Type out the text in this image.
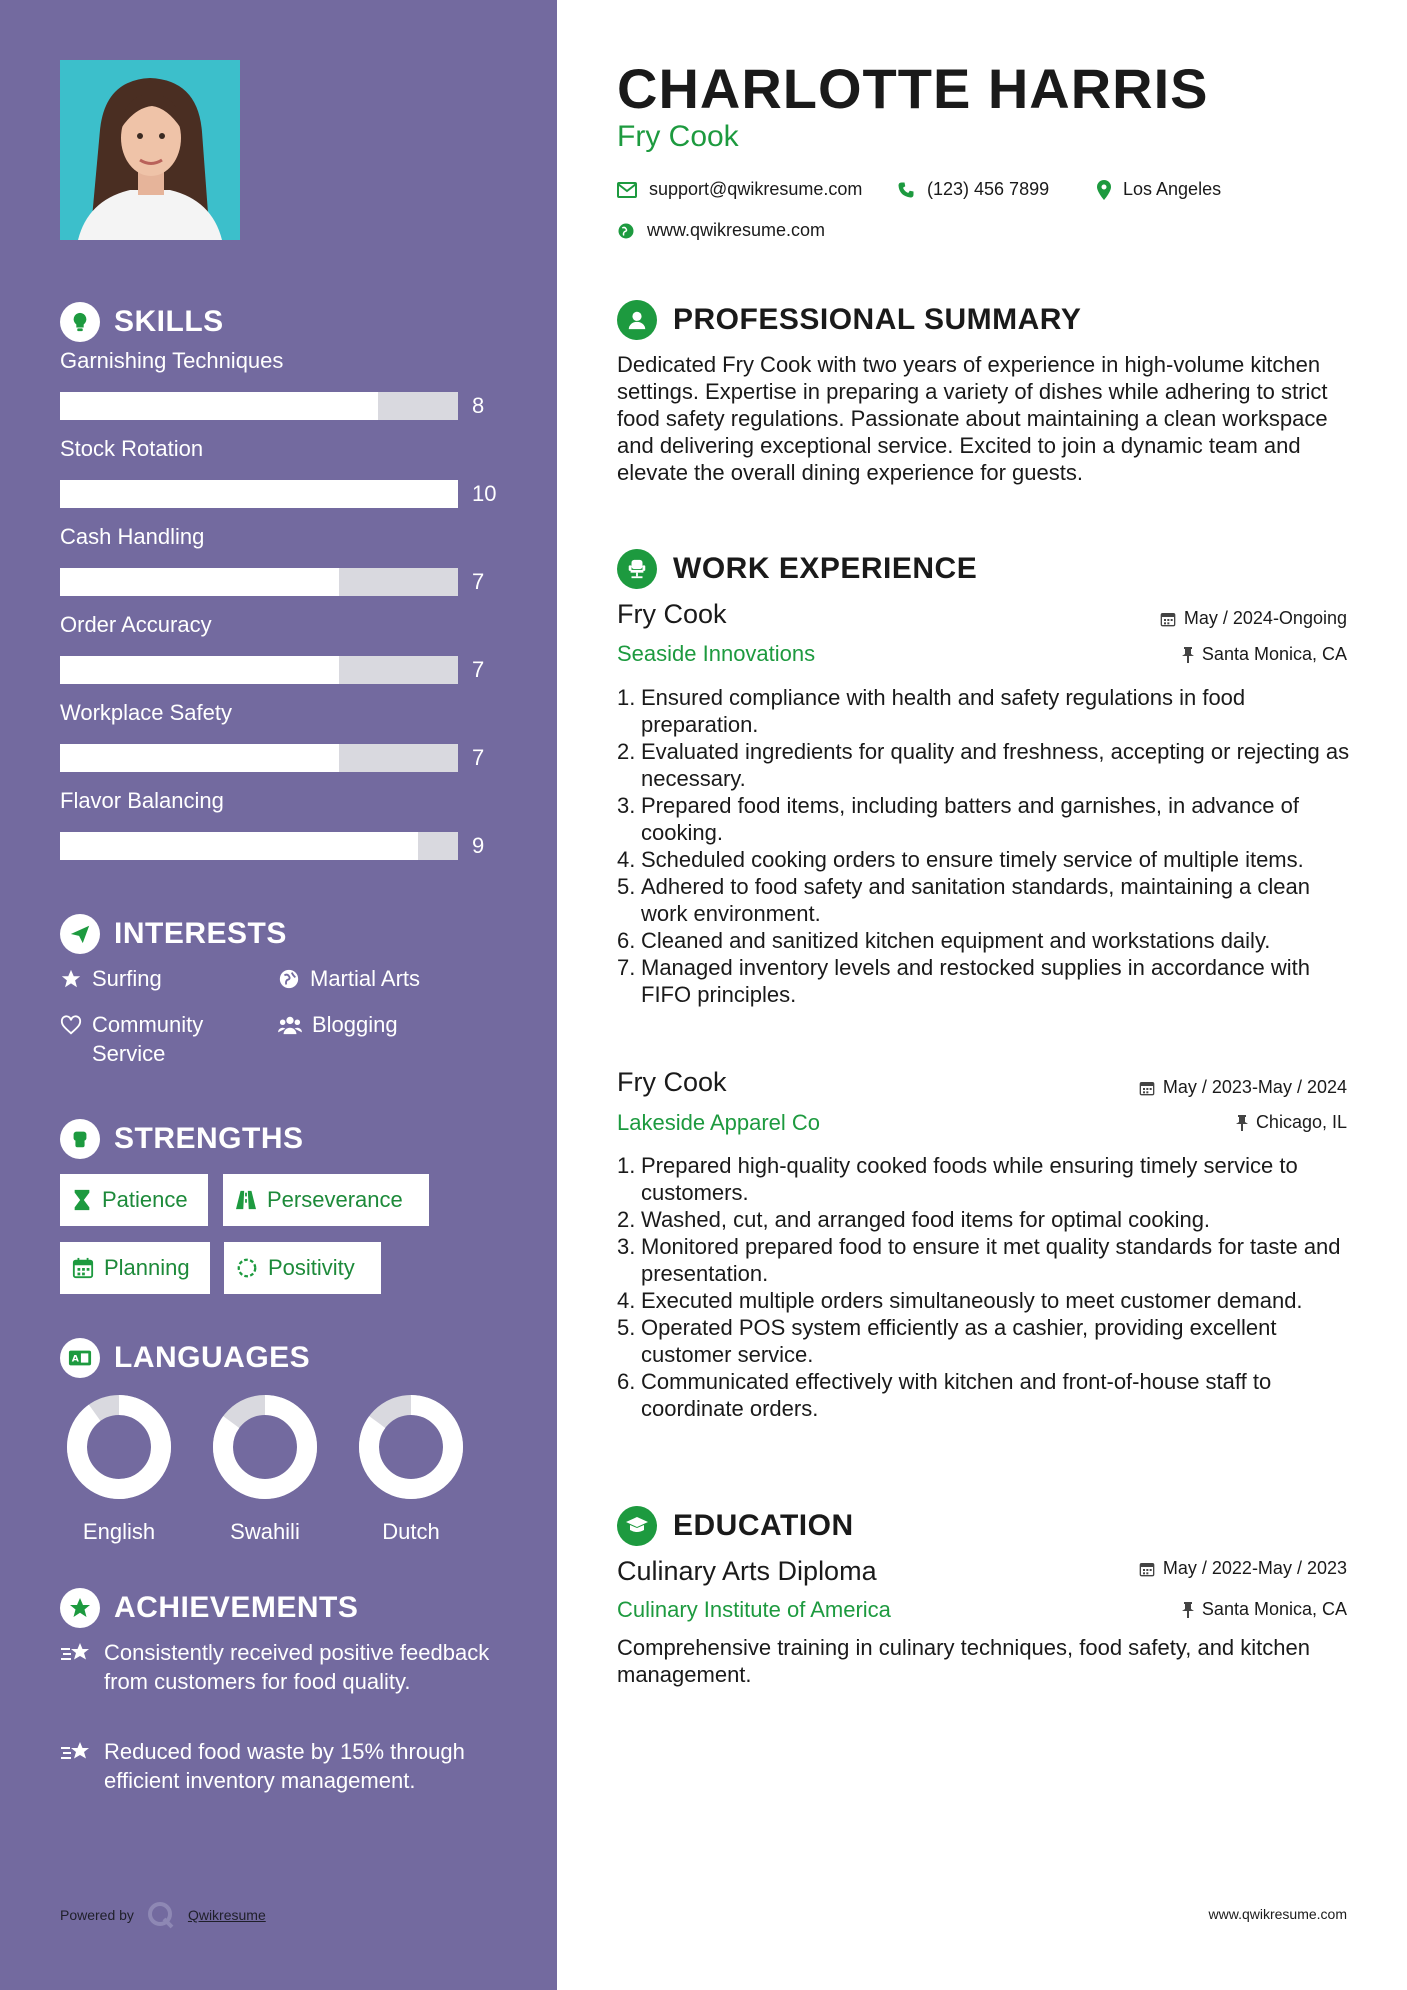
SKILLS
Garnishing Techniques
8
Stock Rotation
10
Cash Handling
7
Order Accuracy
7
Workplace Safety
7
Flavor Balancing
9
INTERESTS
Surfing	Martial Arts
Community Service
Blogging
STRENGTHS
Patience	Perseverance
Planning	Positivity
A LANGUAGES
English	Swahili	Dutch
ACHIEVEMENTS
Consistently received positive feedback from customers for food quality.
Reduced food waste by 15% through efficient inventory management.
Powered by	Qwikresume
CHARLOTTE HARRIS
Fry Cook
support@qwikresume.com	(123) 456 7899	Los Angeles
www.qwikresume.com
PROFESSIONAL SUMMARY
Dedicated Fry Cook with two years of experience in high-volume kitchen settings. Expertise in preparing a variety of dishes while adhering to strict food safety regulations. Passionate about maintaining a clean workspace and delivering exceptional service. Excited to join a dynamic team and elevate the overall dining experience for guests.
WORK EXPERIENCE
Fry Cook	May / 2024-Ongoing
Seaside Innovations	Santa Monica, CA
1. Ensured compliance with health and safety regulations in food preparation.
2. Evaluated ingredients for quality and freshness, accepting or rejecting as necessary.
3. Prepared food items, including batters and garnishes, in advance of cooking.
4. Scheduled cooking orders to ensure timely service of multiple items.
5. Adhered to food safety and sanitation standards, maintaining a clean work environment.
6. Cleaned and sanitized kitchen equipment and workstations daily.
7. Managed inventory levels and restocked supplies in accordance with FIFO principles.
Fry Cook	May / 2023-May / 2024
Lakeside Apparel Co	Chicago, IL
1. Prepared high-quality cooked foods while ensuring timely service to customers.
2. Washed, cut, and arranged food items for optimal cooking.
3. Monitored prepared food to ensure it met quality standards for taste and presentation.
4. Executed multiple orders simultaneously to meet customer demand.
5. Operated POS system efficiently as a cashier, providing excellent customer service.
6. Communicated effectively with kitchen and front-of-house staff to coordinate orders.
EDUCATION
Culinary Arts Diploma	May / 2022-May / 2023
Culinary Institute of America	Santa Monica, CA
Comprehensive training in culinary techniques, food safety, and kitchen management.
www.qwikresume.com
